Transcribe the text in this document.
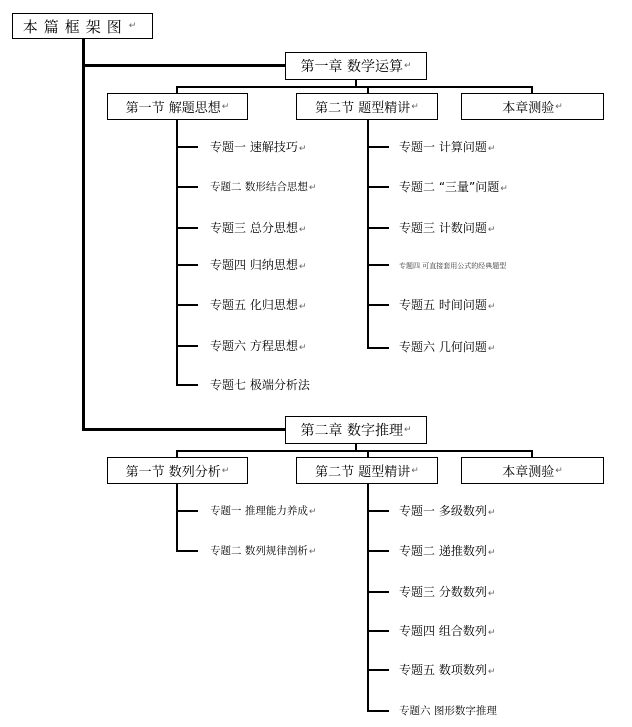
本篇框架图 ↵
第一章 数学运算 ↵
第一节 解题思想 ↵	第二节 题型精讲 ↵	本章测验 ↵
专题一 速解技巧↵
专题二 数形结合思想↵
专题三 总分思想↵
专题四 归纳思想↵
专题五 化归思想↵
专题六 方程思想↵
专题七 极端分析法
专题一 计算问题↵
专题二 “三量”问题↵
专题三 计数问题↵
专题四 可直接套用公式的经典题型
专题五 时间问题↵
专题六 几何问题↵
第二章 数字推理 ↵
第一节 数列分析 ↵	第二节 题型精讲 ↵	本章测验 ↵
专题一 推理能力养成↵
专题二 数列规律剖析↵
专题一 多级数列↵
专题二 递推数列↵
专题三 分数数列↵
专题四 组合数列↵
专题五 数项数列↵
专题六 图形数字推理
